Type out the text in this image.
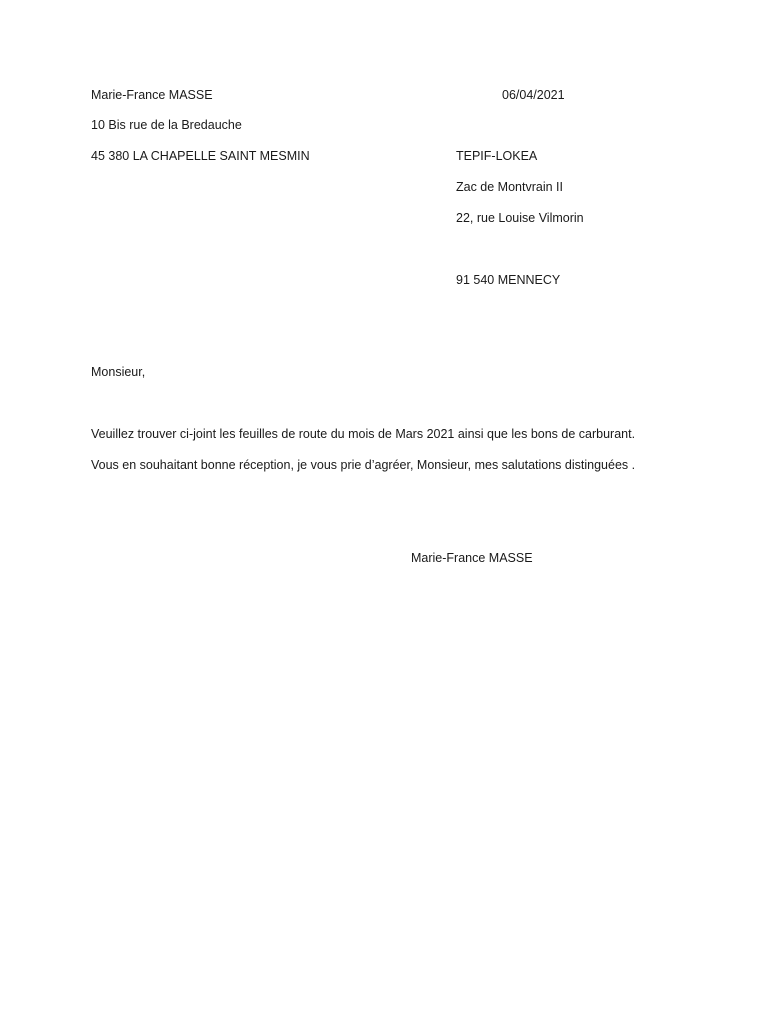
Marie-France MASSE	06/04/2021
10 Bis rue de la Bredauche
45 380 LA CHAPELLE SAINT MESMIN	TEPIF-LOKEA
Zac de Montvrain II
22, rue Louise Vilmorin
91 540 MENNECY
Monsieur,
Veuillez trouver ci-joint les feuilles de route du mois de Mars 2021 ainsi que les bons de carburant.
Vous en souhaitant bonne réception, je vous prie d’agréer, Monsieur, mes salutations distinguées .
Marie-France MASSE
